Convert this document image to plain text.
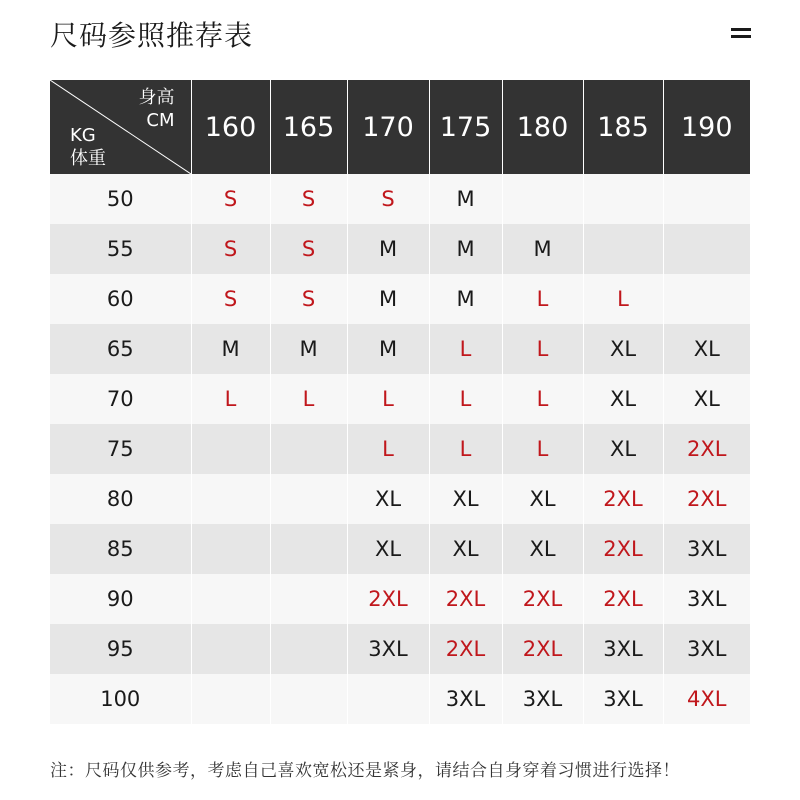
尺码参照推荐表
身高
CM
KG
体重	160	165	170	175	180	185	190
50	S	S	S	M			
55	S	S	M	M	M		
60	S	S	M	M	L	L	
65	M	M	M	L	L	XL	XL
70	L	L	L	L	L	XL	XL
75			L	L	L	XL	2XL
80			XL	XL	XL	2XL	2XL
85			XL	XL	XL	2XL	3XL
90			2XL	2XL	2XL	2XL	3XL
95			3XL	2XL	2XL	3XL	3XL
100				3XL	3XL	3XL	4XL
注：尺码仅供参考，考虑自己喜欢宽松还是紧身，请结合自身穿着习惯进行选择！
